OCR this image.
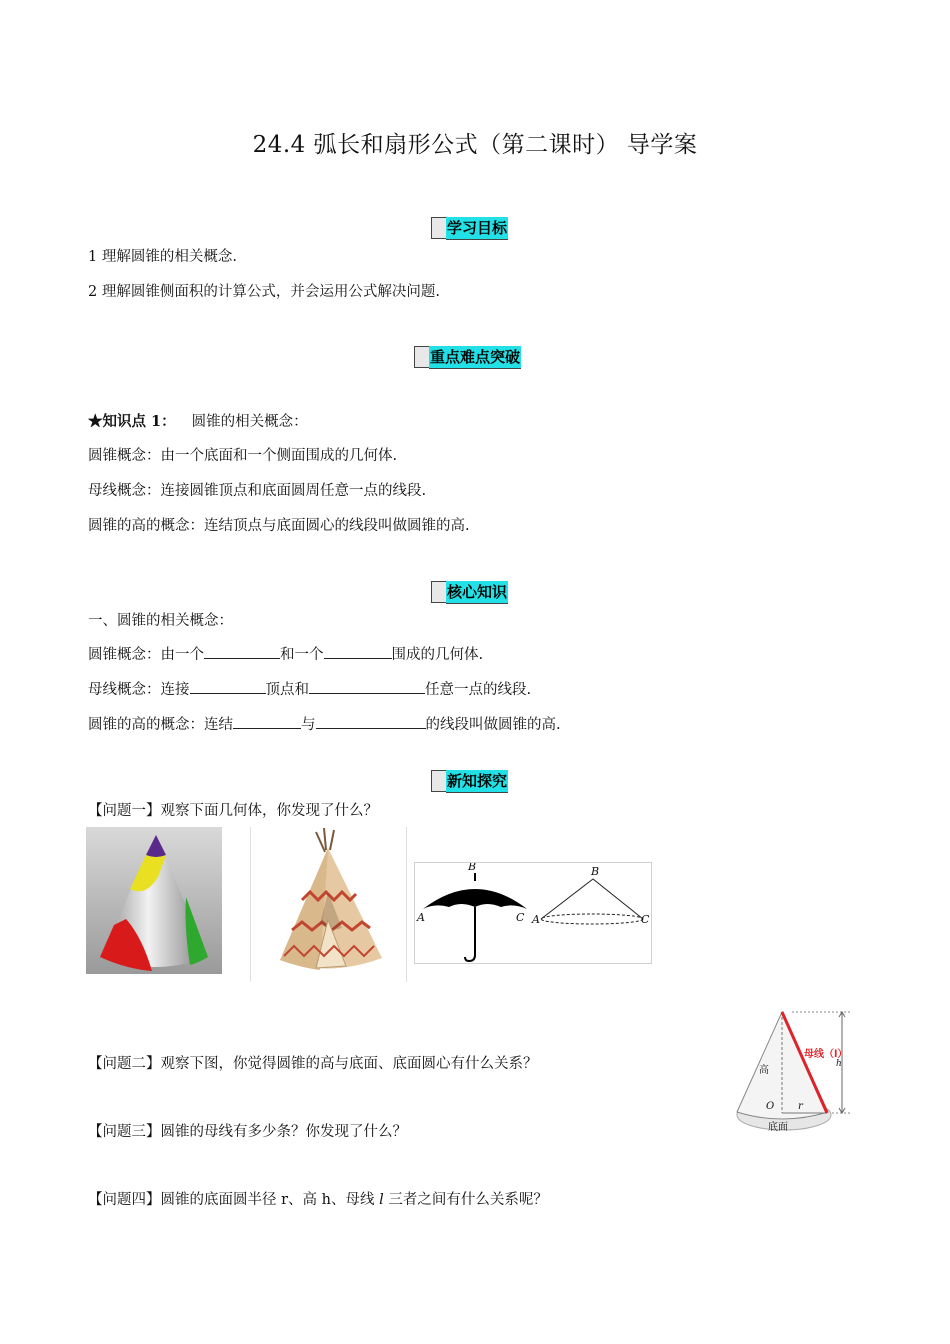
24.4 弧长和扇形公式（第二课时） 导学案
学习目标
1 理解圆锥的相关概念.
2 理解圆锥侧面积的计算公式，并会运用公式解决问题.
重点难点突破
★知识点 1： 圆锥的相关概念：
圆锥概念：由一个底面和一个侧面围成的几何体.
母线概念：连接圆锥顶点和底面圆周任意一点的线段.
圆锥的高的概念：连结顶点与底面圆心的线段叫做圆锥的高.
核心知识
一、圆锥的相关概念：
圆锥概念：由一个	和一个	围成的几何体.
母线概念：连接	顶点和	任意一点的线段.
圆锥的高的概念：连结	与	的线段叫做圆锥的高.
新知探究
【问题一】观察下面几何体，你发现了什么？
B
A	C A
B
C
【问题二】观察下图，你觉得圆锥的高与底面、底面圆心有什么关系？
【问题三】圆锥的母线有多少条？你发现了什么？
【问题四】圆锥的底面圆半径 r、高 h、母线 l 三者之间有什么关系呢？
高
母线（l）
h
O r
底面
